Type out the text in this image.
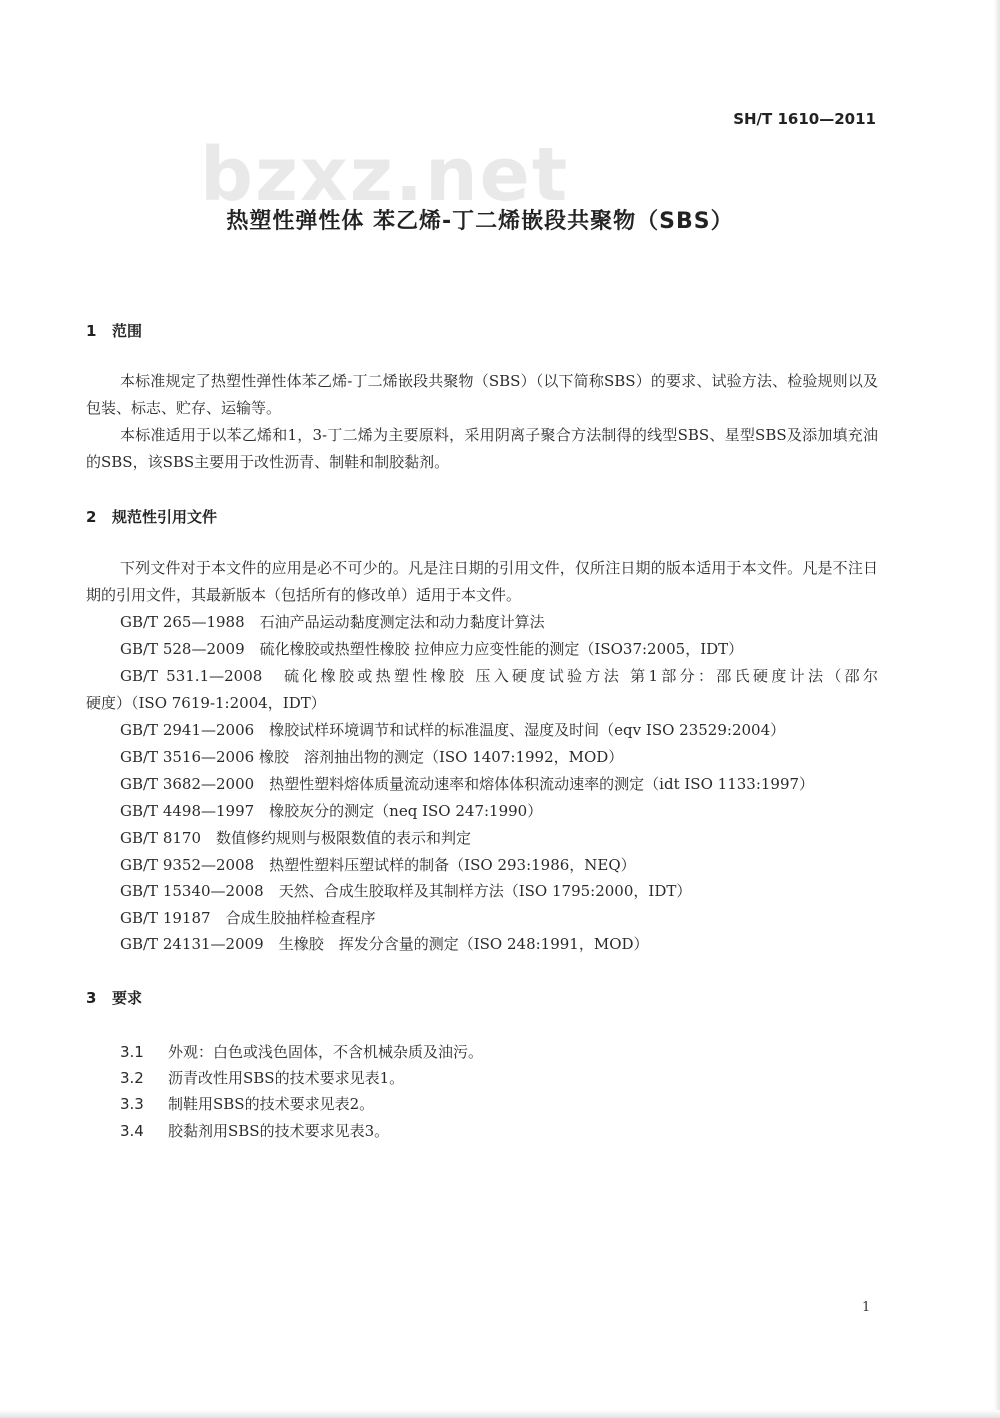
SH/T 1610—2011
bzxz.net
热塑性弹性体 苯乙烯-丁二烯嵌段共聚物（SBS）
1 范围
本标准规定了热塑性弹性体苯乙烯-丁二烯嵌段共聚物（SBS）（以下简称SBS）的要求、试验方法、检验规则以及包装、标志、贮存、运输等。
本标准适用于以苯乙烯和1，3-丁二烯为主要原料，采用阴离子聚合方法制得的线型SBS、星型SBS及添加填充油的SBS，该SBS主要用于改性沥青、制鞋和制胶黏剂。
2 规范性引用文件
下列文件对于本文件的应用是必不可少的。凡是注日期的引用文件，仅所注日期的版本适用于本文件。凡是不注日期的引用文件，其最新版本（包括所有的修改单）适用于本文件。
GB/T 265—1988　石油产品运动黏度测定法和动力黏度计算法
GB/T 528—2009　硫化橡胶或热塑性橡胶 拉伸应力应变性能的测定（ISO37:2005，IDT）
GB/T 531.1—2008　硫化橡胶或热塑性橡胶 压入硬度试验方法 第1部分：邵氏硬度计法（邵尔
硬度）（ISO 7619-1:2004，IDT）
GB/T 2941—2006　橡胶试样环境调节和试样的标准温度、湿度及时间（eqv ISO 23529:2004）
GB/T 3516—2006 橡胶　溶剂抽出物的测定（ISO 1407:1992，MOD）
GB/T 3682—2000　热塑性塑料熔体质量流动速率和熔体体积流动速率的测定（idt ISO 1133:1997）
GB/T 4498—1997　橡胶灰分的测定（neq ISO 247:1990）
GB/T 8170　数值修约规则与极限数值的表示和判定
GB/T 9352—2008　热塑性塑料压塑试样的制备（ISO 293:1986，NEQ）
GB/T 15340—2008　天然、合成生胶取样及其制样方法（ISO 1795:2000，IDT）
GB/T 19187　合成生胶抽样检查程序
GB/T 24131—2009　生橡胶　挥发分含量的测定（ISO 248:1991，MOD）
3 要求
3.1 外观：白色或浅色固体，不含机械杂质及油污。
3.2 沥青改性用SBS的技术要求见表1。
3.3 制鞋用SBS的技术要求见表2。
3.4 胶黏剂用SBS的技术要求见表3。
1
